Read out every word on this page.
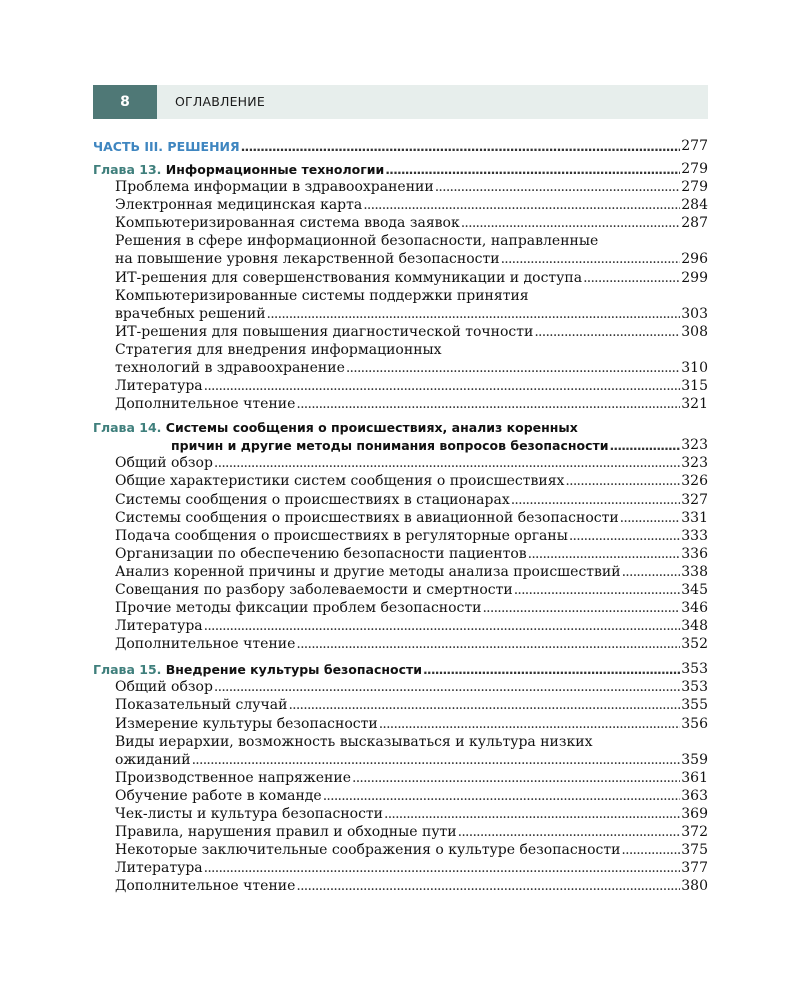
8	ОГЛАВЛЕНИЕ
ЧАСТЬ III. РЕШЕНИЯ . . .	277
Глава 13. Информационные технологии . . .	279
Проблема информации в здравоохранении . . .	279
Электронная медицинская карта . . .	284
Компьютеризированная система ввода заявок . . .	287
Решения в сфере информационной безопасности, направленные
на повышение уровня лекарственной безопасности . . .	296
ИТ-решения для совершенствования коммуникации и доступа . . .	299
Компьютеризированные системы поддержки принятия
врачебных решений . . .	303
ИТ-решения для повышения диагностической точности . . .	308
Стратегия для внедрения информационных
технологий в здравоохранение . . .	310
Литература . . .	315
Дополнительное чтение . . .	321
Глава 14. Системы сообщения о происшествиях, анализ коренных
причин и другие методы понимания вопросов безопасности . . .	323
Общий обзор . . .	323
Общие характеристики систем сообщения о происшествиях . . .	326
Системы сообщения о происшествиях в стационарах . . .	327
Системы сообщения о происшествиях в авиационной безопасности . . .	331
Подача сообщения о происшествиях в регуляторные органы . . .	333
Организации по обеспечению безопасности пациентов . . .	336
Анализ коренной причины и другие методы анализа происшествий . . .	338
Совещания по разбору заболеваемости и смертности . . .	345
Прочие методы фиксации проблем безопасности . . .	346
Литература . . .	348
Дополнительное чтение . . .	352
Глава 15. Внедрение культуры безопасности . . .	353
Общий обзор . . .	353
Показательный случай . . .	355
Измерение культуры безопасности . . .	356
Виды иерархии, возможность высказываться и культура низких
ожиданий . . .	359
Производственное напряжение . . .	361
Обучение работе в команде . . .	363
Чек-листы и культура безопасности . . .	369
Правила, нарушения правил и обходные пути . . .	372
Некоторые заключительные соображения о культуре безопасности . . .	375
Литература . . .	377
Дополнительное чтение . . .	380
